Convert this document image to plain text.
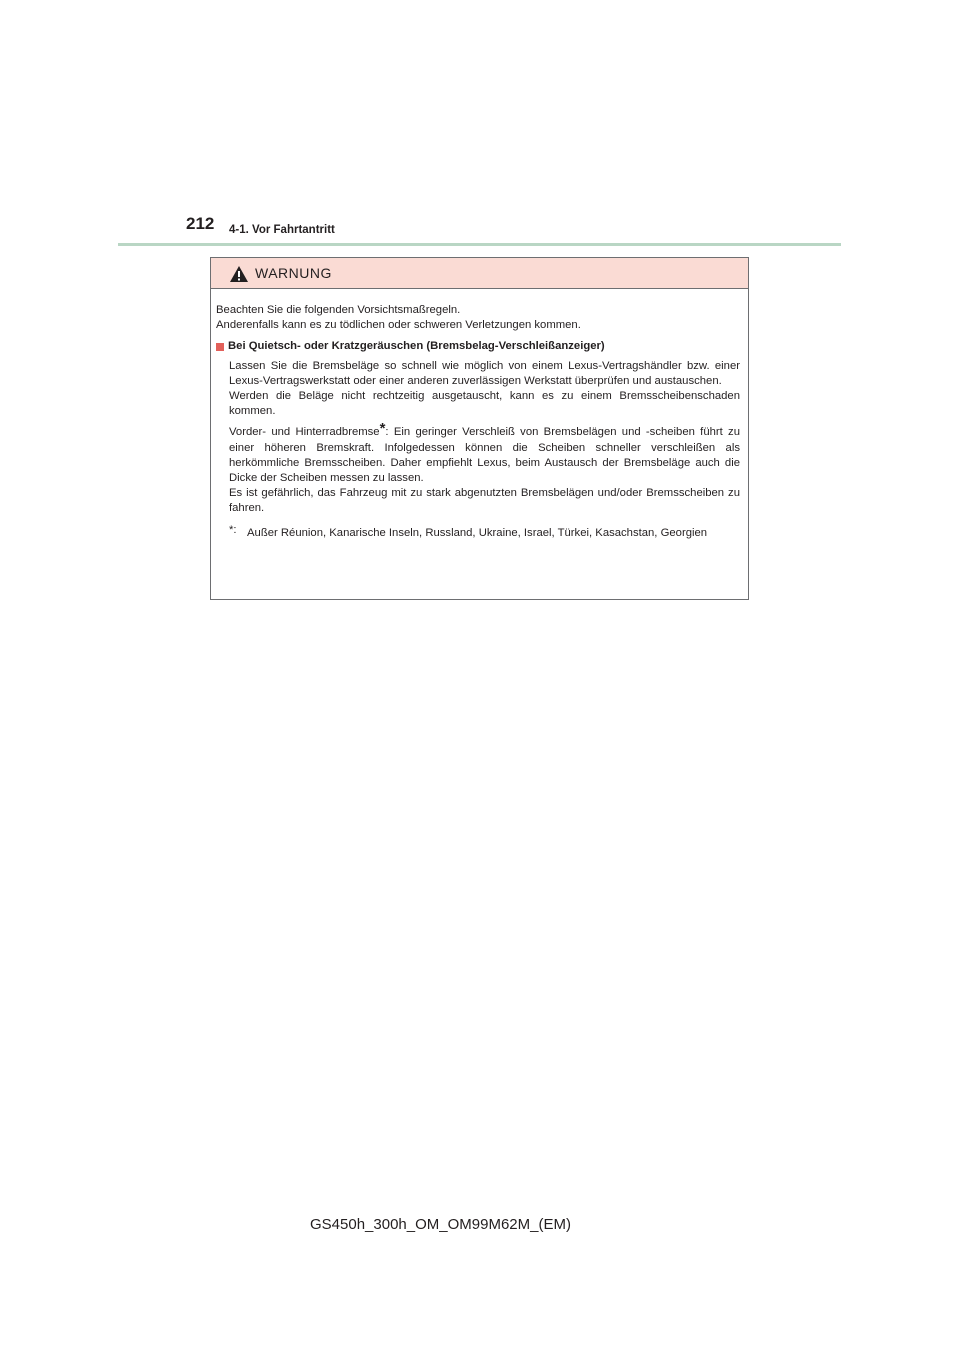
212 4-1. Vor Fahrtantritt
WARNUNG

Beachten Sie die folgenden Vorsichtsmaßregeln.

Anderenfalls kann es zu tödlichen oder schweren Verletzungen kommen.

Bei Quietsch- oder Kratzgeräuschen (Bremsbelag-Verschleißanzeiger)

Lassen Sie die Bremsbeläge so schnell wie möglich von einem Lexus-Vertragshändler bzw. einer Lexus-Vertragswerkstatt oder einer anderen zuverlässigen Werkstatt überprüfen und austauschen.

Werden die Beläge nicht rechtzeitig ausgetauscht, kann es zu einem Bremsscheibenschaden kommen.

Vorder- und Hinterradbremse*: Ein geringer Verschleiß von Bremsbelägen und -scheiben führt zu einer höheren Bremskraft. Infolgedessen können die Scheiben schneller verschleißen als herkömmliche Bremsscheiben. Daher empfiehlt Lexus, beim Austausch der Bremsbeläge auch die Dicke der Scheiben messen zu lassen.

Es ist gefährlich, das Fahrzeug mit zu stark abgenutzten Bremsbelägen und/oder Bremsscheiben zu fahren.

*: Außer Réunion, Kanarische Inseln, Russland, Ukraine, Israel, Türkei, Kasachstan, Georgien
GS450h_300h_OM_OM99M62M_(EM)
